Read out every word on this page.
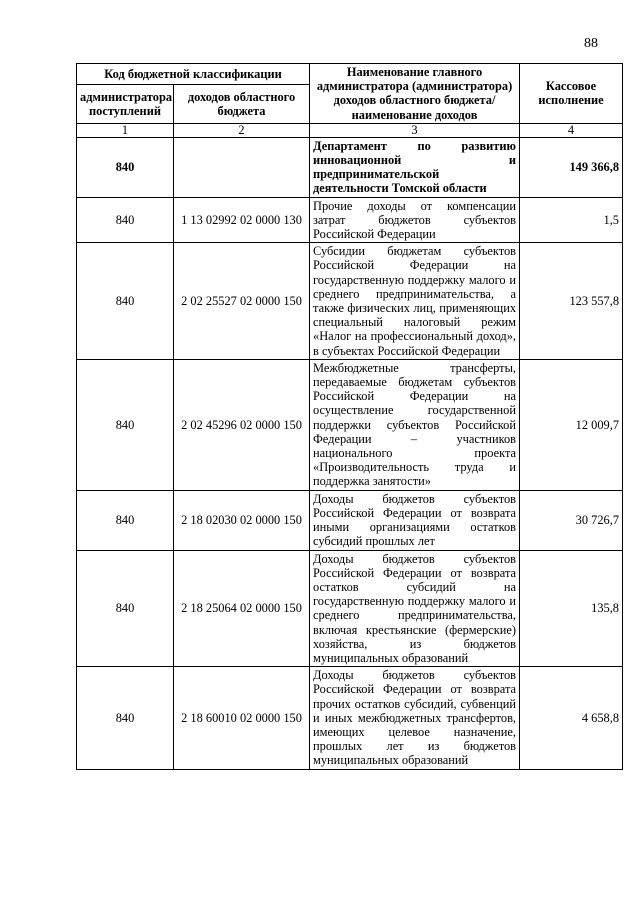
88
Код бюджетной классификации		Наименование главного администратора (администратора) доходов областного бюджета/ наименование доходов	Кассовое исполнение
администратора поступлений	доходов областного бюджета		
1	2	3	4
840		Департамент по развитию инновационной и предпринимательской деятельности Томской области	149 366,8
840	1 13 02992 02 0000 130	Прочие доходы от компенсации затрат бюджетов субъектов Российской Федерации	1,5
840	2 02 25527 02 0000 150	Субсидии бюджетам субъектов Российской Федерации на государственную поддержку малого и среднего предпринимательства, а также физических лиц, применяющих специальный налоговый режим «Налог на профессиональный доход», в субъектах Российской Федерации	123 557,8
840	2 02 45296 02 0000 150	Межбюджетные трансферты, передаваемые бюджетам субъектов Российской Федерации на осуществление государственной поддержки субъектов Российской Федерации – участников национального проекта «Производительность труда и поддержка занятости»	12 009,7
840	2 18 02030 02 0000 150	Доходы бюджетов субъектов Российской Федерации от возврата иными организациями остатков субсидий прошлых лет	30 726,7
840	2 18 25064 02 0000 150	Доходы бюджетов субъектов Российской Федерации от возврата остатков субсидий на государственную поддержку малого и среднего предпринимательства, включая крестьянские (фермерские) хозяйства, из бюджетов муниципальных образований	135,8
840	2 18 60010 02 0000 150	Доходы бюджетов субъектов Российской Федерации от возврата прочих остатков субсидий, субвенций и иных межбюджетных трансфертов, имеющих целевое назначение, прошлых лет из бюджетов муниципальных образований	4 658,8
